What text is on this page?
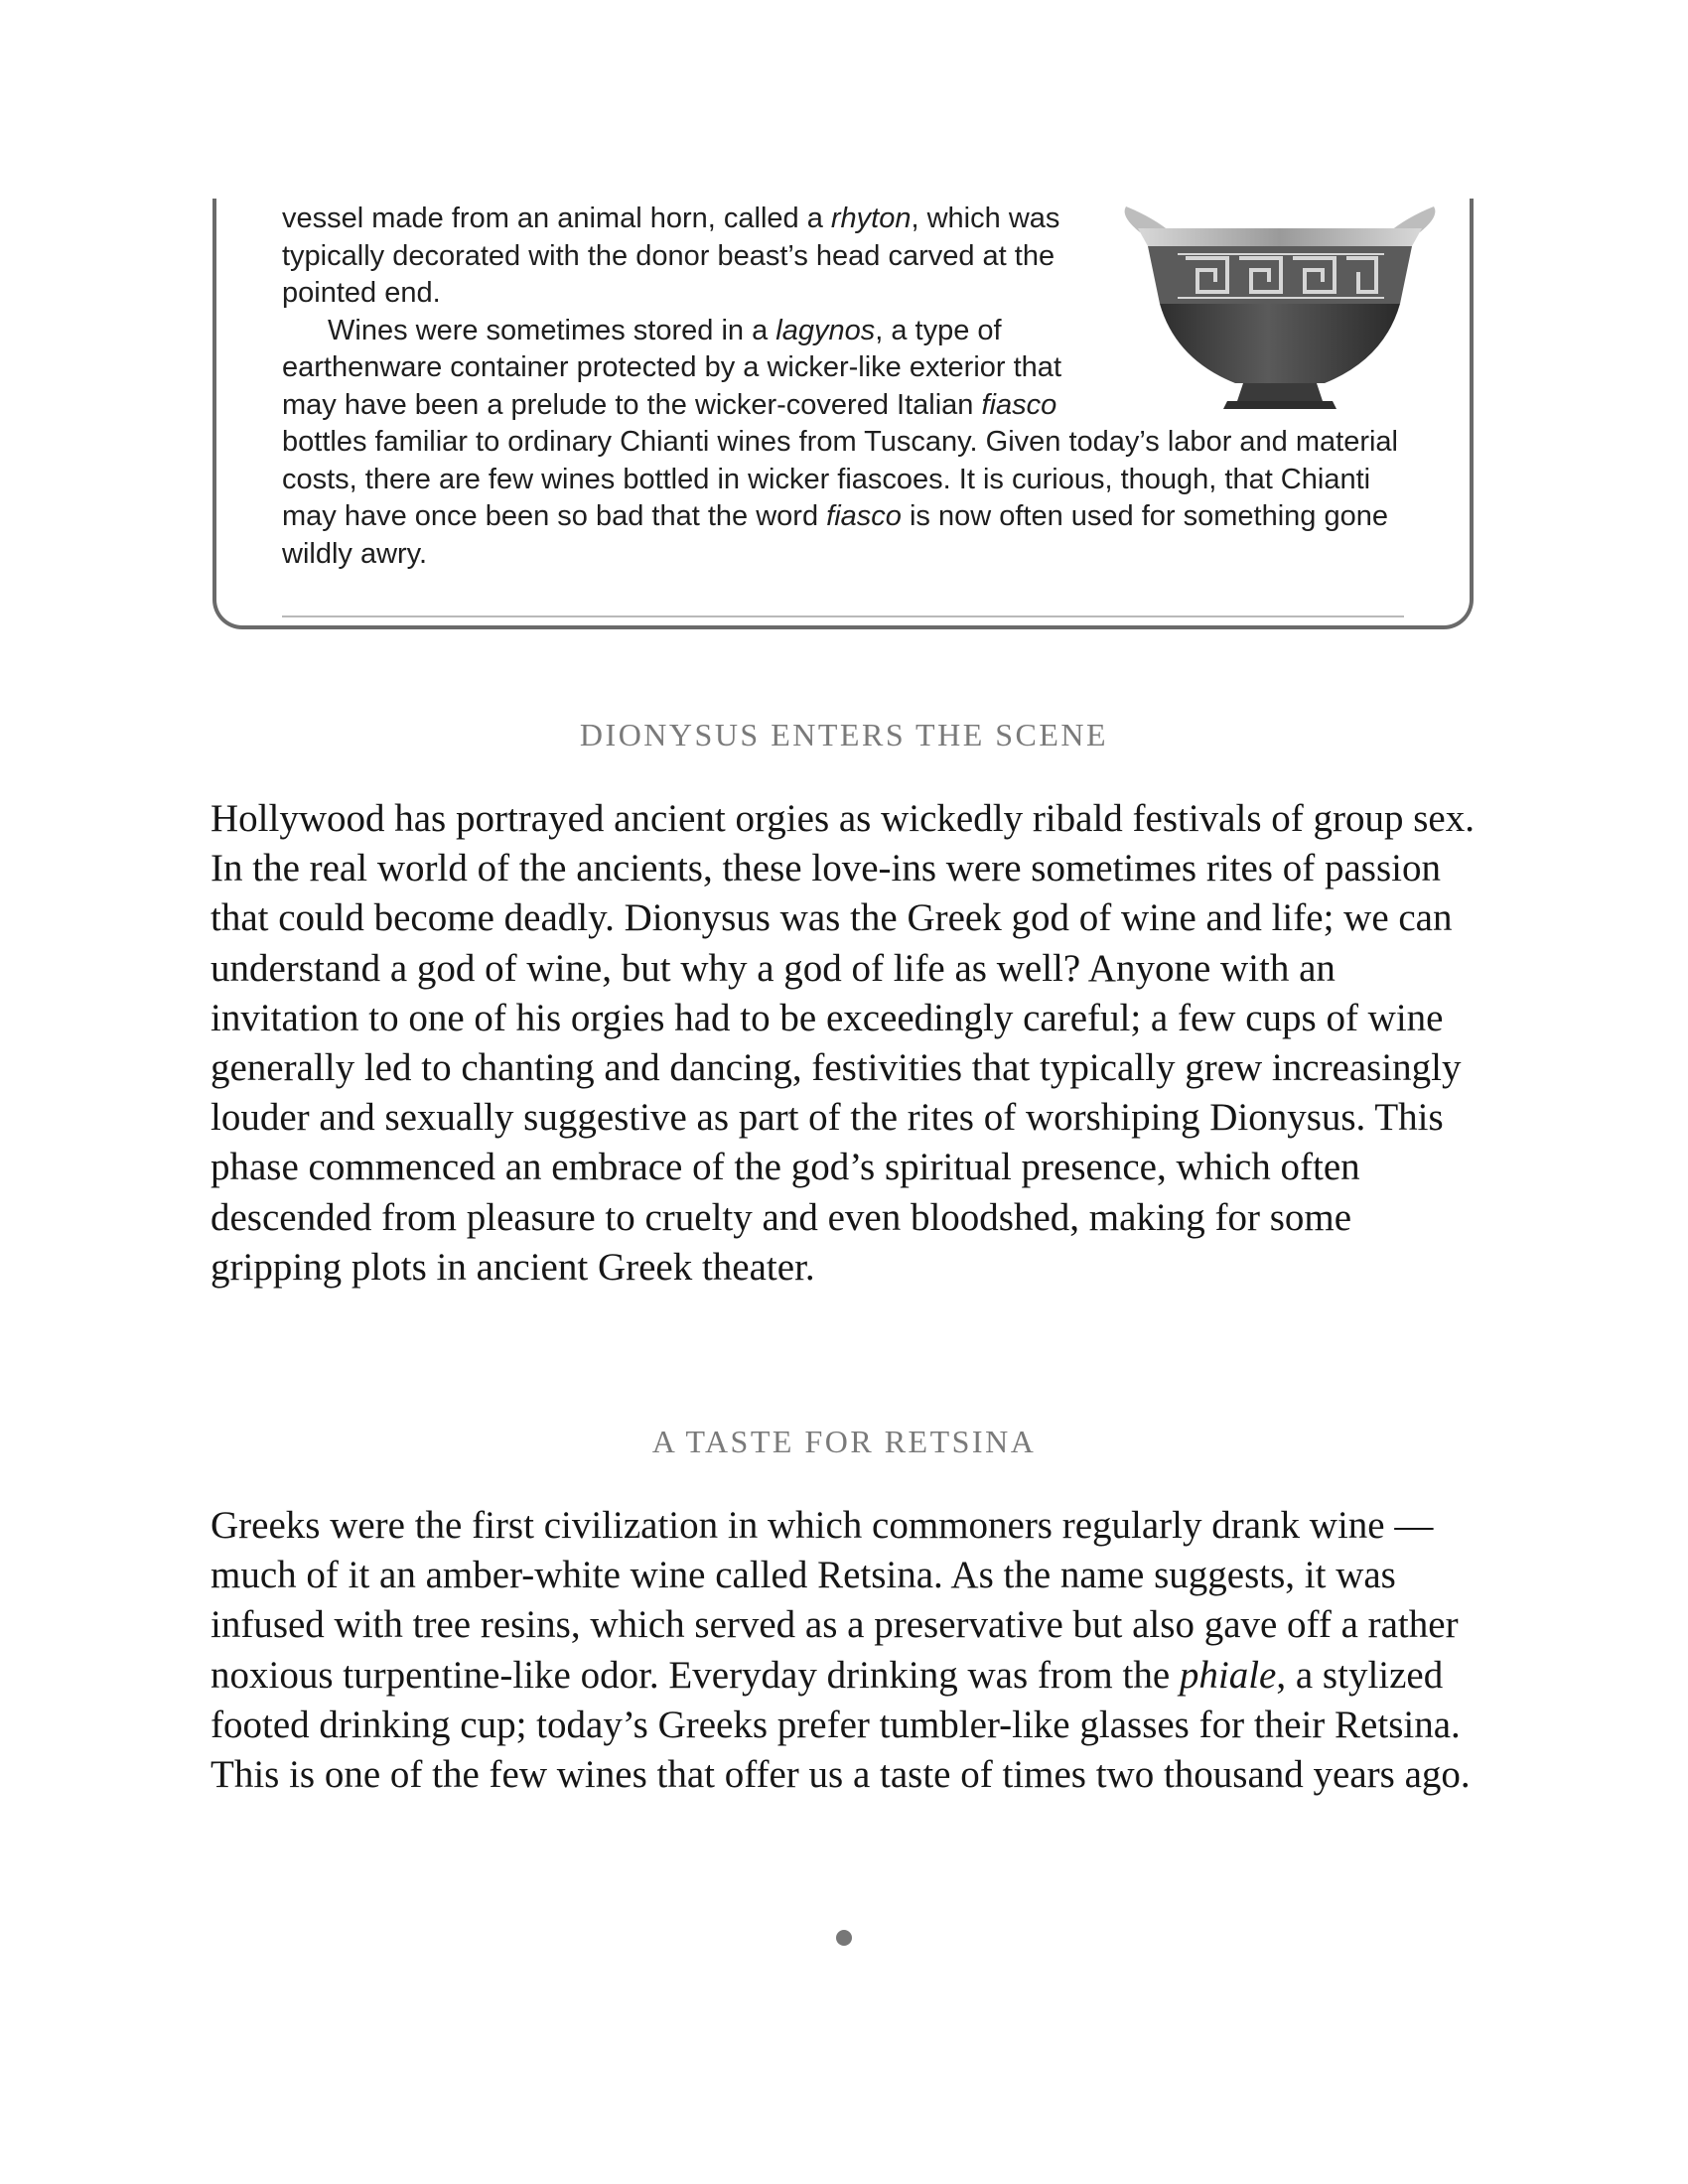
vessel made from an animal horn, called a rhyton, which was typically decorated with the donor beast’s head carved at the pointed end.

Wines were sometimes stored in a lagynos, a type of earthenware container protected by a wicker-like exterior that may have been a prelude to the wicker-covered Italian fiasco bottles familiar to ordinary Chianti wines from Tuscany. Given today’s labor and material costs, there are few wines bottled in wicker fiascoes. It is curious, though, that Chianti may have once been so bad that the word fiasco is now often used for something gone wildly awry.

DIONYSUS ENTERS THE SCENE

Hollywood has portrayed ancient orgies as wickedly ribald festivals of group sex. In the real world of the ancients, these love-ins were sometimes rites of passion that could become deadly. Dionysus was the Greek god of wine and life; we can understand a god of wine, but why a god of life as well? Anyone with an invitation to one of his orgies had to be exceedingly careful; a few cups of wine generally led to chanting and dancing, festivities that typically grew increasingly louder and sexually suggestive as part of the rites of worshiping Dionysus. This phase commenced an embrace of the god’s spiritual presence, which often descended from pleasure to cruelty and even bloodshed, making for some gripping plots in ancient Greek theater.

A TASTE FOR RETSINA

Greeks were the first civilization in which commoners regularly drank wine —much of it an amber-white wine called Retsina. As the name suggests, it was infused with tree resins, which served as a preservative but also gave off a rather noxious turpentine-like odor. Everyday drinking was from the phiale, a stylized footed drinking cup; today’s Greeks prefer tumbler-like glasses for their Retsina. This is one of the few wines that offer us a taste of times two thousand years ago.
